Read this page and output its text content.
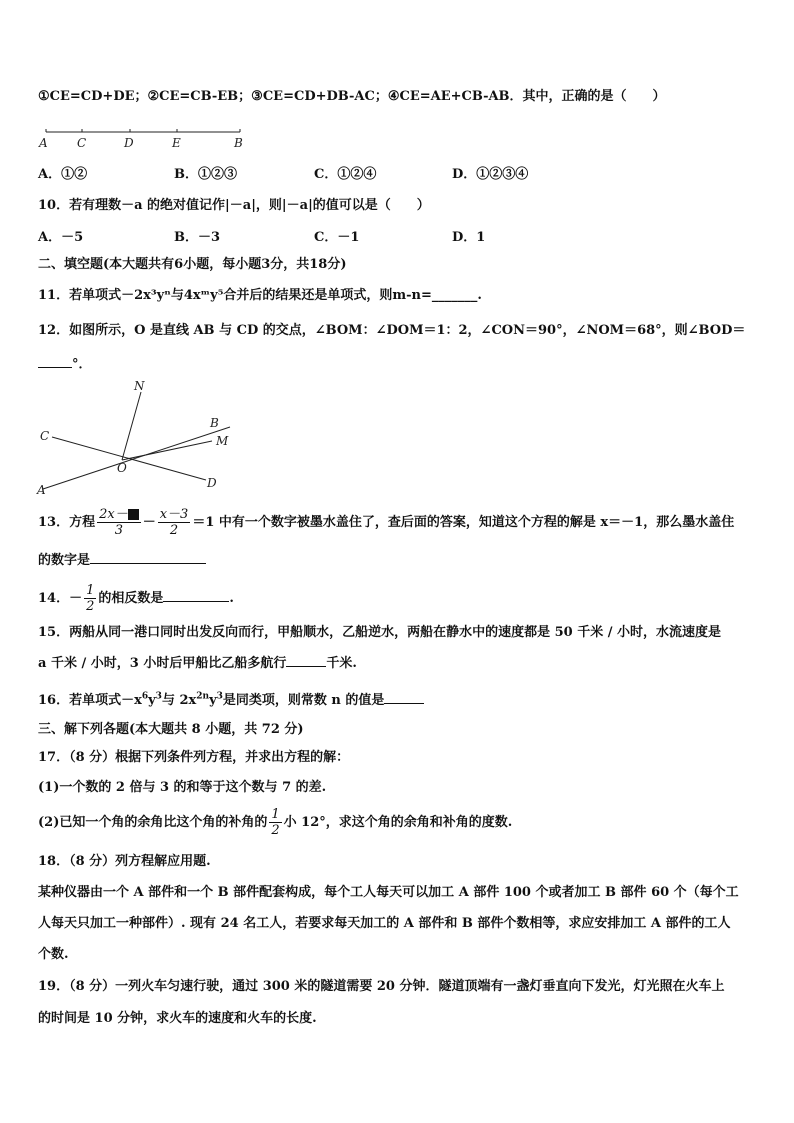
①CE=CD+DE；②CE=CB-EB；③CE=CD+DB-AC；④CE=AE+CB-AB．其中，正确的是（　　）
A C	D	E	B
A．①②	B．①②③	C．①②④	D．①②③④
10．若有理数－a 的绝对值记作|－a|，则|－a|的值可以是（　　）
A．－5	B．－3	C．－1	D．1
二、填空题(本大题共有6小题，每小题3分，共18分)
11．若单项式－2x³yⁿ与4xᵐy⁵合并后的结果还是单项式，则m-n=_______.
12．如图所示，O 是直线 AB 与 CD 的交点，∠BOM：∠DOM＝1：2，∠CON＝90°，∠NOM＝68°，则∠BOD＝
°．
N
B
M
C
O
A	D
13．方程 $\frac{2x-}{3} - \frac{x-3}{2} =1$ 中有一个数字被墨水盖住了，查后面的答案，知道这个方程的解是 x＝－1，那么墨水盖住
的数字是
14．－ $\frac{1}{2}$ 的相反数是	.
15．两船从同一港口同时出发反向而行，甲船顺水，乙船逆水，两船在静水中的速度都是 50 千米 / 小时，水流速度是
a 千米 / 小时，3 小时后甲船比乙船多航行	千米.
16．若单项式$-x^6y^3$与 $2x^{2n}y^3$是同类项，则常数 n 的值是
三、解下列各题(本大题共 8 小题，共 72 分)
17．（8 分）根据下列条件列方程，并求出方程的解：
(1)一个数的 2 倍与 3 的和等于这个数与 7 的差.
(2)已知一个角的余角比这个角的补角的 $\frac{1}{2}$ 小 12°，求这个角的余角和补角的度数.
18．（8 分）列方程解应用题.
某种仪器由一个 A 部件和一个 B 部件配套构成，每个工人每天可以加工 A 部件 100 个或者加工 B 部件 60 个（每个工
人每天只加工一种部件）. 现有 24 名工人，若要求每天加工的 A 部件和 B 部件个数相等，求应安排加工 A 部件的工人
个数.
19．（8 分）一列火车匀速行驶，通过 300 米的隧道需要 20 分钟．隧道顶端有一盏灯垂直向下发光，灯光照在火车上
的时间是 10 分钟，求火车的速度和火车的长度.
